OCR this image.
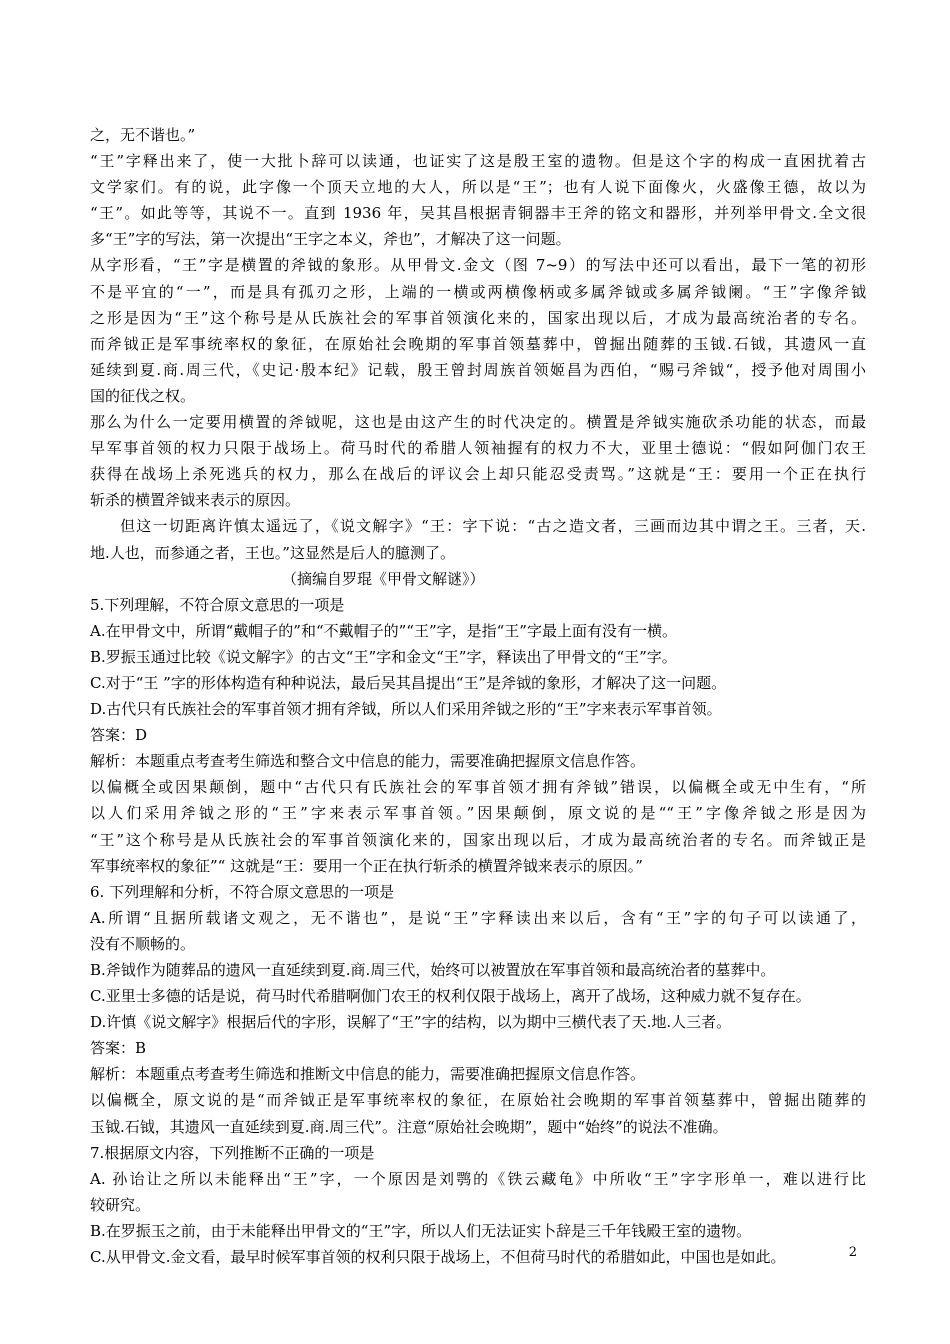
之，无不谐也。”
“王”字释出来了，使一大批卜辞可以读通，也证实了这是殷王室的遗物。但是这个字的构成一直困扰着古
文学家们。有的说，此字像一个顶天立地的大人，所以是“王”；也有人说下面像火，火盛像王德，故以为
“王”。如此等等，其说不一。直到 1936 年，吴其昌根据青铜器丰王斧的铭文和器形，并列举甲骨文.全文很
多“王”字的写法，第一次提出“王字之本义，斧也”，才解决了这一问题。
从字形看，“王”字是横置的斧钺的象形。从甲骨文.金文（图 7~9）的写法中还可以看出，最下一笔的初形
不是平宜的“一”，而是具有孤刃之形，上端的一横或两横像柄或多属斧钺或多属斧钺阑。“王”字像斧钺
之形是因为“王”这个称号是从氏族社会的军事首领演化来的，国家出现以后，才成为最高统治者的专名。
而斧钺正是军事统率权的象征，在原始社会晚期的军事首领墓葬中，曾掘出随葬的玉钺.石钺，其遗风一直
延续到夏.商.周三代，《史记·殷本纪》记载，殷王曾封周族首领姬昌为西伯，“赐弓斧钺“，授予他对周围小
国的征伐之权。
那么为什么一定要用横置的斧钺呢，这也是由这产生的时代决定的。横置是斧钺实施砍杀功能的状态，而最
早军事首领的权力只限于战场上。荷马时代的希腊人领袖握有的权力不大，亚里士德说：“假如阿伽门农王
获得在战场上杀死逃兵的权力，那么在战后的评议会上却只能忍受责骂。”这就是“王：要用一个正在执行
斩杀的横置斧钺来表示的原因。
但这一切距离许慎太遥远了，《说文解字》“王：字下说：“古之造文者，三画而边其中谓之王。三者，天.
地.人也，而参通之者，王也。”这显然是后人的臆测了。
（摘编自罗琨《甲骨文解谜》）
5.下列理解，不符合原文意思的一项是
A.在甲骨文中，所谓“戴帽子的”和“不戴帽子的”“王”字，是指“王”字最上面有没有一横。
B.罗振玉通过比较《说文解字》的古文“王”字和金文“王”字，释读出了甲骨文的“王”字。
C.对于“王 ”字的形体构造有种种说法，最后吴其昌提出“王”是斧钺的象形，才解决了这一问题。
D.古代只有氏族社会的军事首领才拥有斧钺，所以人们采用斧钺之形的“王”字来表示军事首领。
答案：D
解析：本题重点考查考生筛选和整合文中信息的能力，需要准确把握原文信息作答。
以偏概全或因果颠倒，题中“古代只有氏族社会的军事首领才拥有斧钺”错误，以偏概全或无中生有，“所
以人们采用斧钺之形的“王”字来表示军事首领。”因果颠倒，原文说的是““王”字像斧钺之形是因为
“王”这个称号是从氏族社会的军事首领演化来的，国家出现以后，才成为最高统治者的专名。而斧钺正是
军事统率权的象征”“ 这就是“王：要用一个正在执行斩杀的横置斧钺来表示的原因。”
6. 下列理解和分析，不符合原文意思的一项是
A.所谓“且据所载诸文观之，无不谐也”，是说“王”字释读出来以后，含有“王”字的句子可以读通了，
没有不顺畅的。
B.斧钺作为随葬品的遗风一直延续到夏.商.周三代，始终可以被置放在军事首领和最高统治者的墓葬中。
C.亚里士多德的话是说，荷马时代希腊啊伽门农王的权利仅限于战场上，离开了战场，这种威力就不复存在。
D.许慎《说文解字》根据后代的字形，误解了“王”字的结构，以为期中三横代表了天.地.人三者。
答案：B
解析：本题重点考查考生筛选和推断文中信息的能力，需要准确把握原文信息作答。
以偏概全，原文说的是“而斧钺正是军事统率权的象征，在原始社会晚期的军事首领墓葬中，曾掘出随葬的
玉钺.石钺，其遗风一直延续到夏.商.周三代”。注意“原始社会晚期”，题中“始终”的说法不准确。
7.根据原文内容，下列推断不正确的一项是
A. 孙诒让之所以未能释出“王”字，一个原因是刘鹗的《铁云藏龟》中所收“王”字字形单一，难以进行比
较研究。
B.在罗振玉之前，由于未能释出甲骨文的“王”字，所以人们无法证实卜辞是三千年钱殿王室的遗物。
C.从甲骨文.金文看，最早时候军事首领的权利只限于战场上，不但荷马时代的希腊如此，中国也是如此。	2
